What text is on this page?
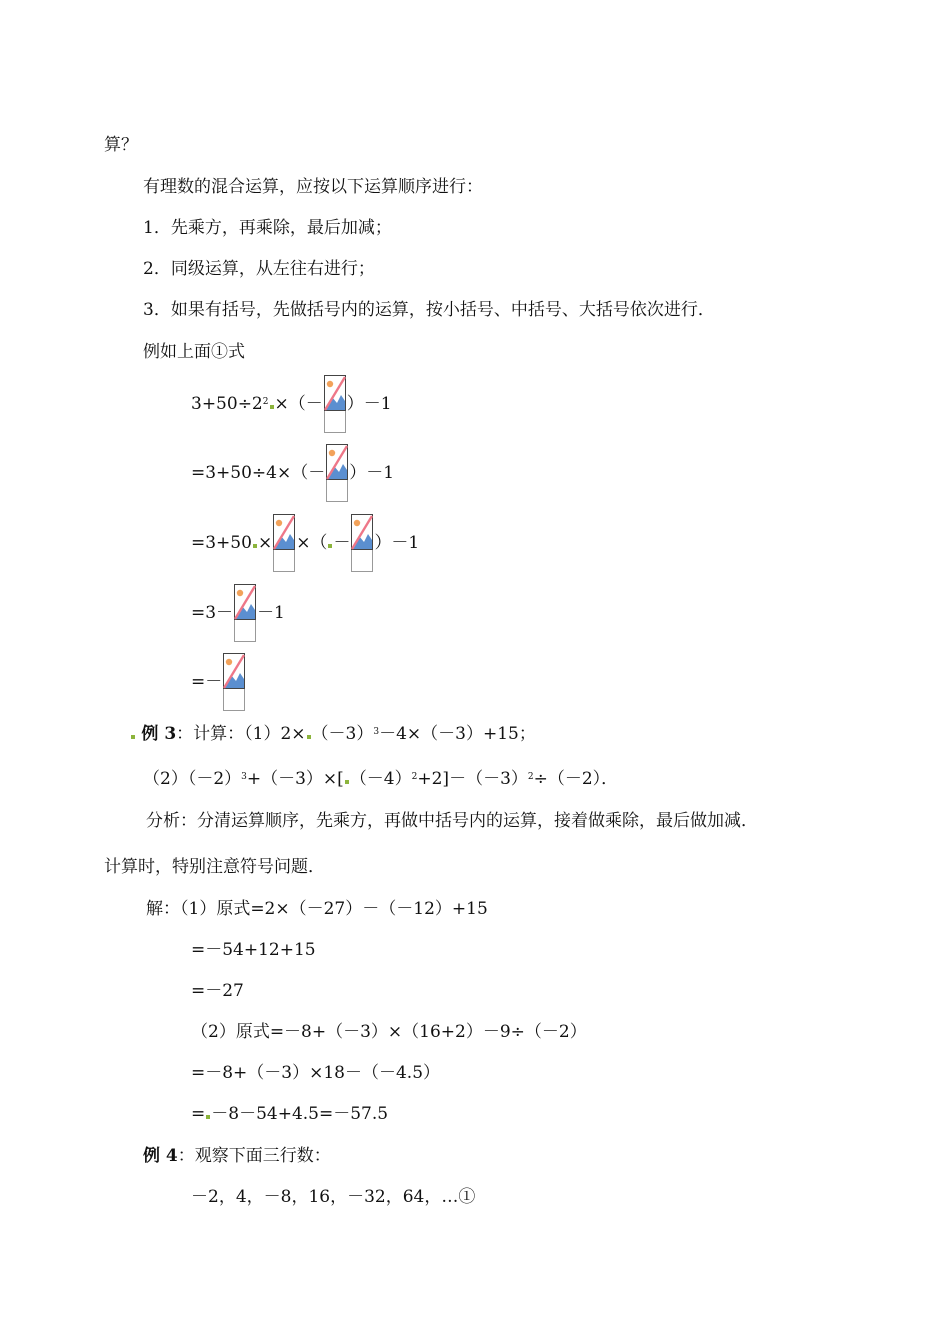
算？
有理数的混合运算，应按以下运算顺序进行：
1．先乘方，再乘除，最后加减；
2．同级运算，从左往右进行；
3．如果有括号，先做括号内的运算，按小括号、中括号、大括号依次进行．
例如上面①式
$3+50\div 2^2$ ×（－ ）－1
=3+50÷4×（－ ）－1
=3+50 × ×（ － ）－1
=3－ －1
=－
例 3：计算：$(1)2\times (-3)^3-4\times(-3)+15$；
$(2)(-2)^3+(-3)\times$[ $(-4)^2+2]-(-3)^2\div(-2)$．
分析：分清运算顺序，先乘方，再做中括号内的运算，接着做乘除，最后做加减．
计算时，特别注意符号问题．
解：（1）原式=2×（－27）－（－12）+15
=－54+12+15
=－27
（2）原式=－8+（－3）×（16+2）－9÷（－2）
=－8+（－3）×18－（－4.5）
= －8－54+4.5=－57.5
例 4：观察下面三行数：
－2，4，－8，16，－32，64，…①
